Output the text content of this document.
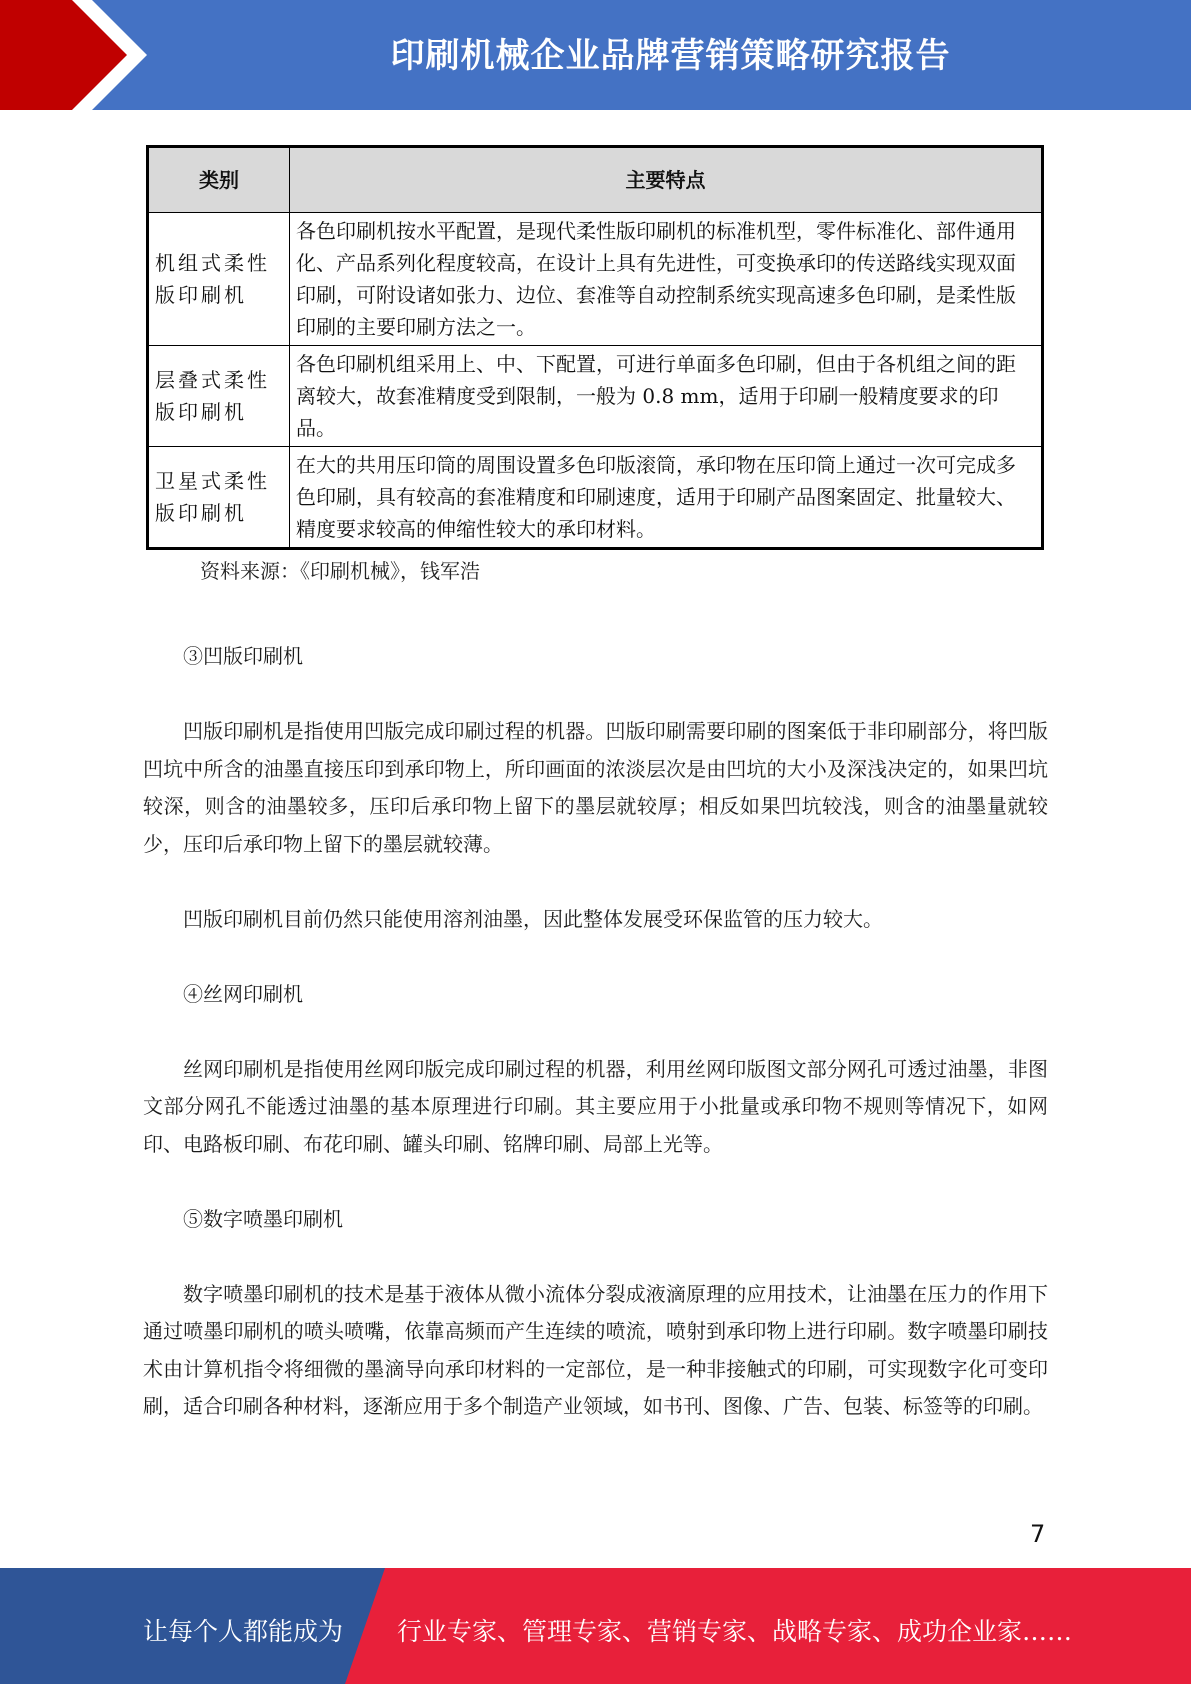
印刷机械企业品牌营销策略研究报告
类别	主要特点
机组式柔性版印刷机	各色印刷机按水平配置，是现代柔性版印刷机的标准机型，零件标准化、部件通用化、产品系列化程度较高，在设计上具有先进性，可变换承印的传送路线实现双面印刷，可附设诸如张力、边位、套准等自动控制系统实现高速多色印刷，是柔性版印刷的主要印刷方法之一。
层叠式柔性版印刷机	各色印刷机组采用上、中、下配置，可进行单面多色印刷，但由于各机组之间的距离较大，故套准精度受到限制，一般为 0.8 mm，适用于印刷一般精度要求的印品。
卫星式柔性版印刷机	在大的共用压印筒的周围设置多色印版滚筒，承印物在压印筒上通过一次可完成多色印刷，具有较高的套准精度和印刷速度，适用于印刷产品图案固定、批量较大、精度要求较高的伸缩性较大的承印材料。
资料来源：《印刷机械》，钱军浩

③凹版印刷机

凹版印刷机是指使用凹版完成印刷过程的机器。凹版印刷需要印刷的图案低于非印刷部分，将凹版凹坑中所含的油墨直接压印到承印物上，所印画面的浓淡层次是由凹坑的大小及深浅决定的，如果凹坑较深，则含的油墨较多，压印后承印物上留下的墨层就较厚；相反如果凹坑较浅，则含的油墨量就较少，压印后承印物上留下的墨层就较薄。

凹版印刷机目前仍然只能使用溶剂油墨，因此整体发展受环保监管的压力较大。

④丝网印刷机

丝网印刷机是指使用丝网印版完成印刷过程的机器，利用丝网印版图文部分网孔可透过油墨，非图文部分网孔不能透过油墨的基本原理进行印刷。其主要应用于小批量或承印物不规则等情况下，如网印、电路板印刷、布花印刷、罐头印刷、铭牌印刷、局部上光等。

⑤数字喷墨印刷机

数字喷墨印刷机的技术是基于液体从微小流体分裂成液滴原理的应用技术，让油墨在压力的作用下通过喷墨印刷机的喷头喷嘴，依靠高频而产生连续的喷流，喷射到承印物上进行印刷。数字喷墨印刷技术由计算机指令将细微的墨滴导向承印材料的一定部位，是一种非接触式的印刷，可实现数字化可变印刷，适合印刷各种材料，逐渐应用于多个制造产业领域，如书刊、图像、广告、包装、标签等的印刷。

7
让每个人都能成为 行业专家、管理专家、营销专家、战略专家、成功企业家……
